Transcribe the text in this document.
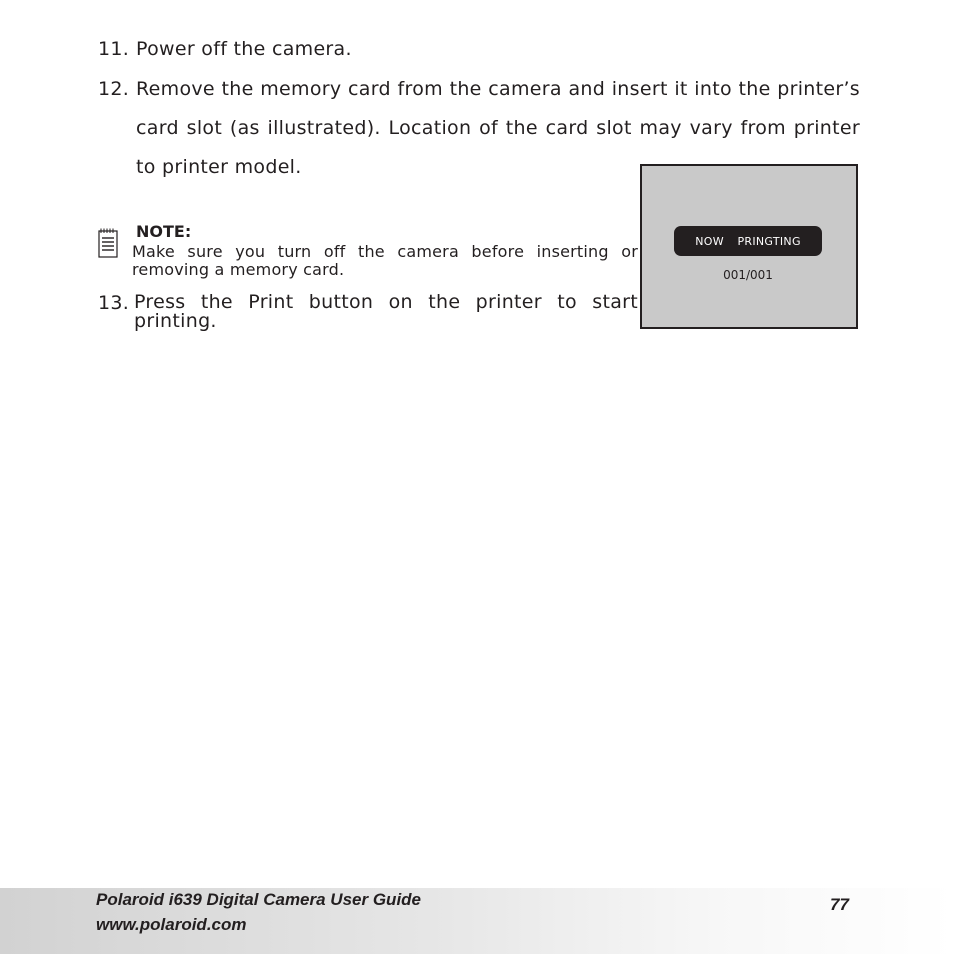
11. Power off the camera.
12. Remove the memory card from the camera and insert it into the printer’s card slot (as illustrated). Location of the card slot may vary from printer to printer model.
NOTE:
Make sure you turn off the camera before inserting or removing a memory card.
13. Press the Print button on the printer to start printing.
NOW  PRINGTING
001/001
Polaroid i639 Digital Camera User Guide
www.polaroid.com
77
